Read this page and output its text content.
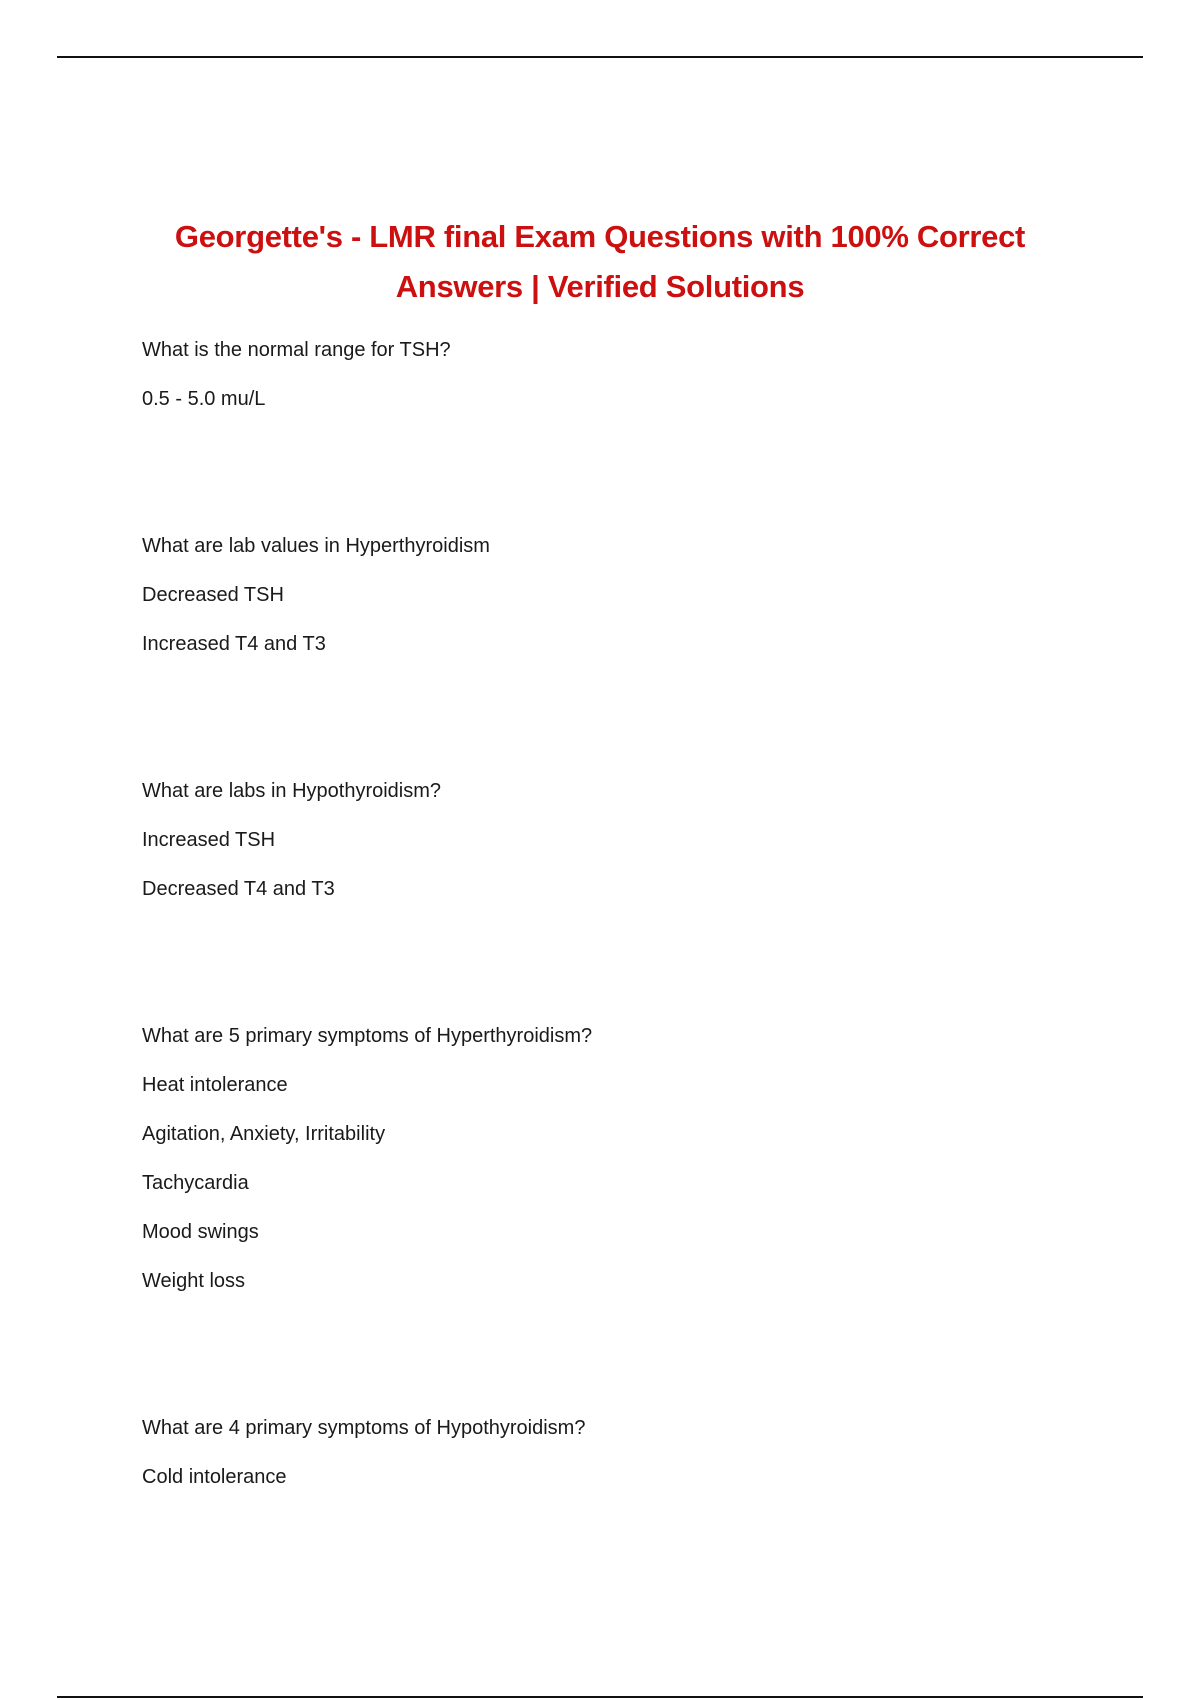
Georgette's - LMR final Exam Questions with 100% Correct
Answers | Verified Solutions
What is the normal range for TSH?
0.5 - 5.0 mu/L
What are lab values in Hyperthyroidism
Decreased TSH
Increased T4 and T3
What are labs in Hypothyroidism?
Increased TSH
Decreased T4 and T3
What are 5 primary symptoms of Hyperthyroidism?
Heat intolerance
Agitation, Anxiety, Irritability
Tachycardia
Mood swings
Weight loss
What are 4 primary symptoms of Hypothyroidism?
Cold intolerance
